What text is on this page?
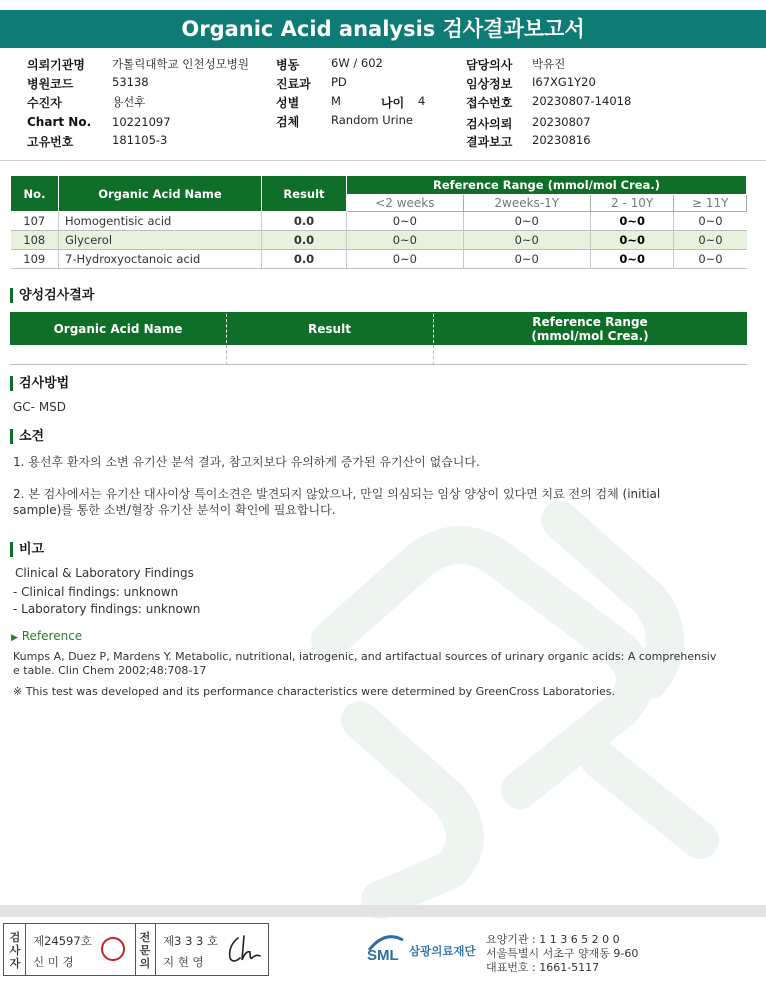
Organic Acid analysis 검사결과보고서
의뢰기관명 가톨릭대학교 인천성모병원
병원코드	53138
수진자	용선후
Chart No. 10221097
고유번호	181105-3
병동	6W / 602
진료과 PD
성별	M	나이 4
검체	Random Urine
담당의사 박유진
임상정보 I67XG1Y20
접수번호 20230807-14018
검사의뢰 20230807
결과보고 20230816
No.	Organic Acid Name	Result	Reference Range (mmol/mol Crea.)			
			<2 weeks	2weeks-1Y	2 - 10Y	≥ 11Y
107	Homogentisic acid	0.0	0~0	0~0	0~0	0~0
108	Glycerol	0.0	0~0	0~0	0~0	0~0
109	7-Hydroxyoctanoic acid	0.0	0~0	0~0	0~0	0~0
양성검사결과
Organic Acid Name	Result	Reference Range
(mmol/mol Crea.)
검사방법
GC- MSD
소견
1. 용선후 환자의 소변 유기산 분석 결과, 참고치보다 유의하게 증가된 유기산이 없습니다.
2. 본 검사에서는 유기산 대사이상 특이소견은 발견되지 않았으나, 만일 의심되는 임상 양상이 있다면 치료 전의 검체 (initial
sample)를 통한 소변/혈장 유기산 분석이 확인에 필요합니다.
비고
Clinical & Laboratory Findings
- Clinical findings: unknown
- Laboratory findings: unknown
▶ Reference
Kumps A, Duez P, Mardens Y. Metabolic, nutritional, iatrogenic, and artifactual sources of urinary organic acids: A comprehensiv
e table. Clin Chem 2002;48:708-17
※ This test was developed and its performance characteristics were determined by GreenCross Laboratories.
검
사
자
제24597호
신 미 경
전
문
의
제3 3 3 호
지 현 영	SML 삼광의료재단
요양기관 : 1 1 3 6 5 2 0 0
서울특별시 서초구 양재동 9-60
대표번호 : 1661-5117
